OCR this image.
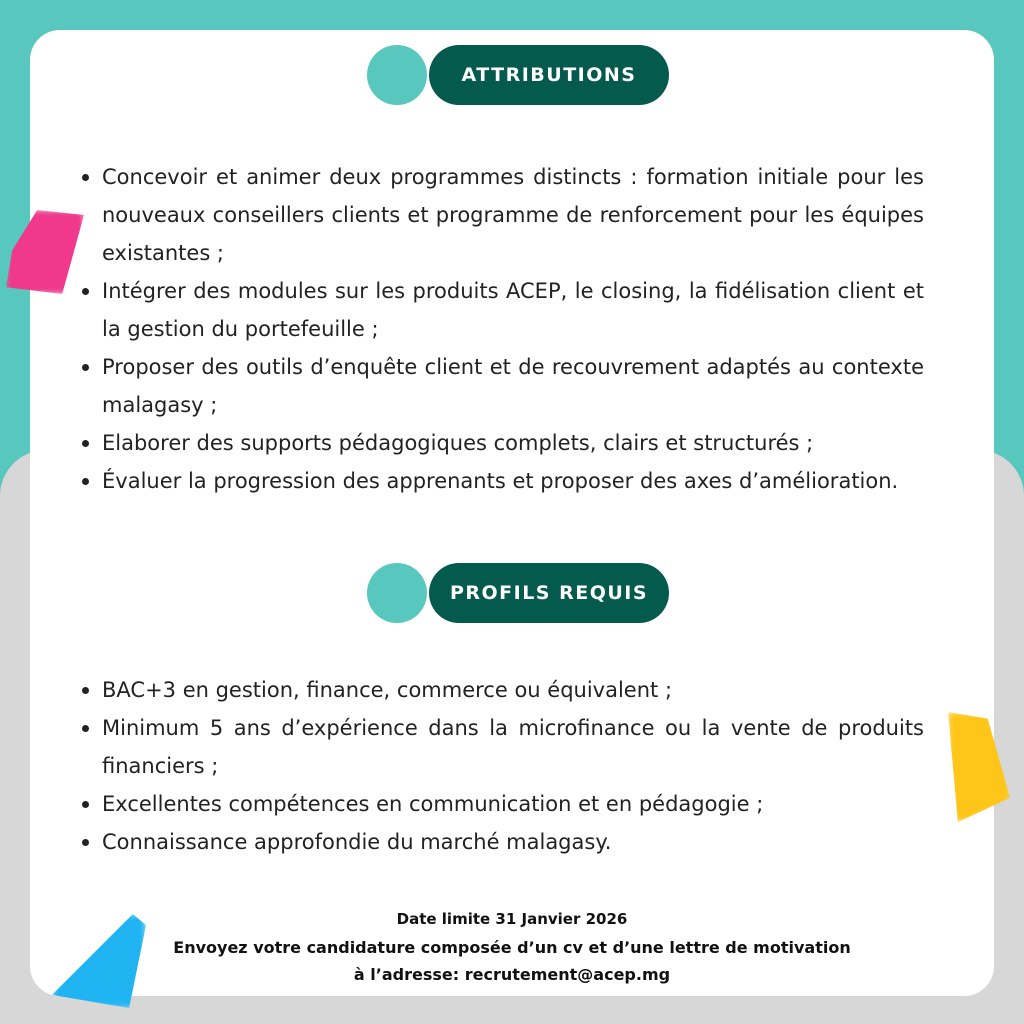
ATTRIBUTIONS
Concevoir et animer deux programmes distincts : formation initiale pour les nouveaux conseillers clients et programme de renforcement pour les équipes existantes ;
Intégrer des modules sur les produits ACEP, le closing, la fidélisation client et la gestion du portefeuille ;
Proposer des outils d’enquête client et de recouvrement adaptés au contexte malagasy ;
Elaborer des supports pédagogiques complets, clairs et structurés ;
Évaluer la progression des apprenants et proposer des axes d’amélioration.
PROFILS REQUIS
BAC+3 en gestion, finance, commerce ou équivalent ;
Minimum 5 ans d’expérience dans la microfinance ou la vente de produits financiers ;
Excellentes compétences en communication et en pédagogie ;
Connaissance approfondie du marché malagasy.
Date limite 31 Janvier 2026
Envoyez votre candidature composée d’un cv et d’une lettre de motivation à l’adresse: recrutement@acep.mg
